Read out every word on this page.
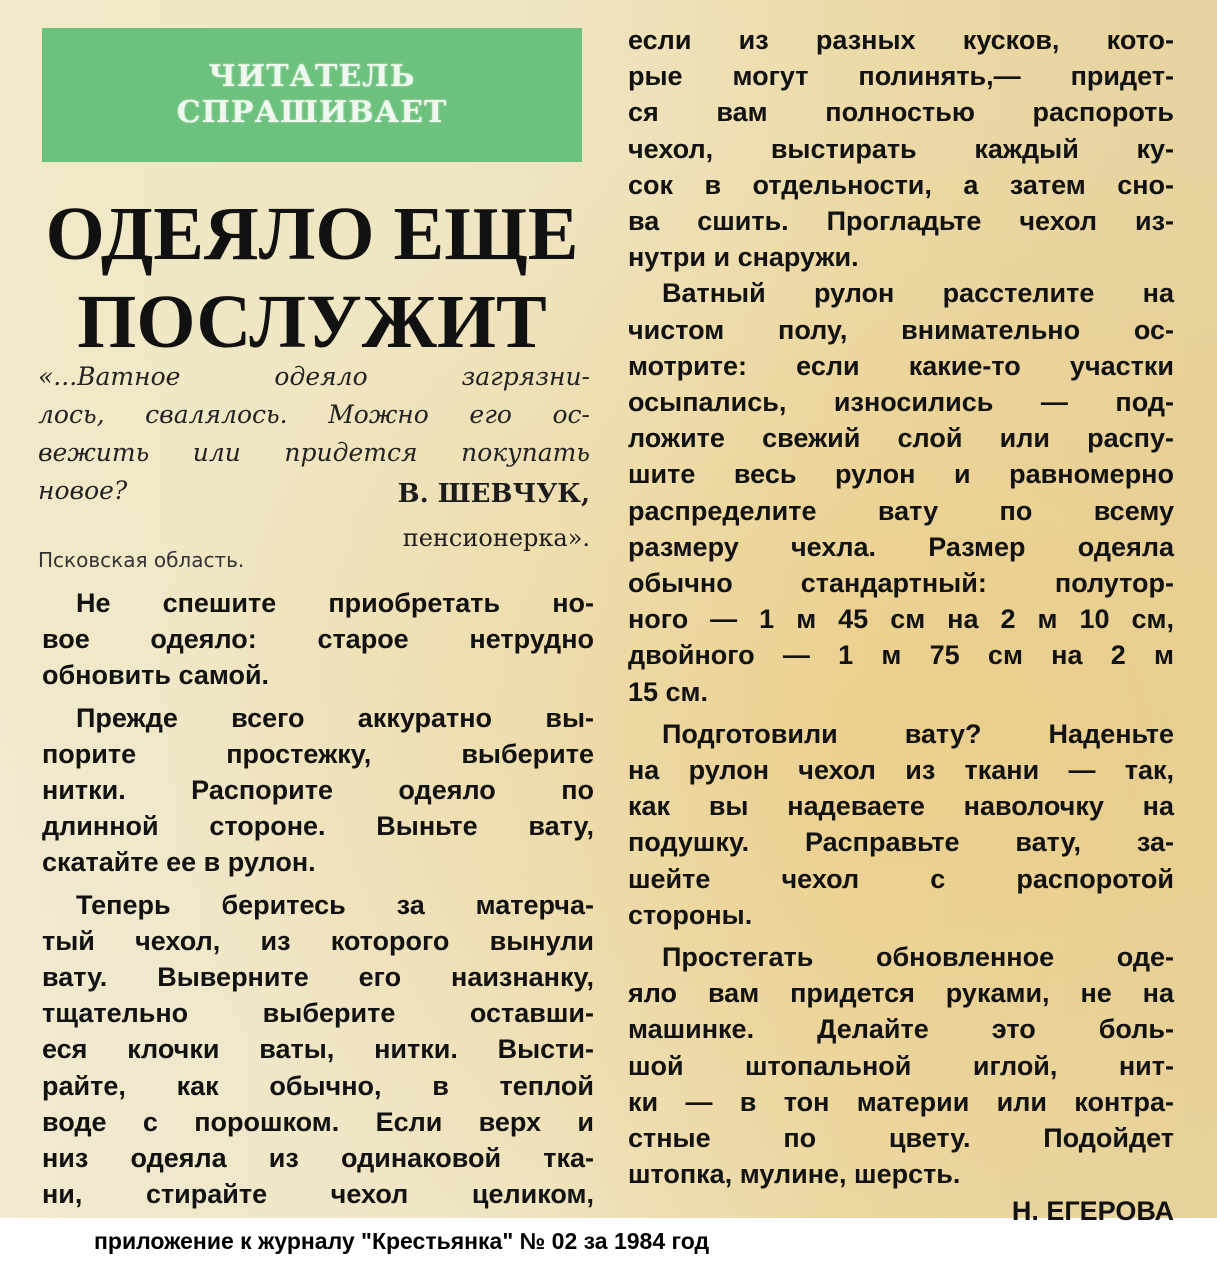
ЧИТАТЕЛЬ
СПРАШИВАЕТ
ОДЕЯЛО ЕЩЕ
ПОСЛУЖИТ
«...Ватное одеяло загрязни-
лось, свалялось. Можно его ос-
вежить или придется покупать
новое?	В. ШЕВЧУК,
пенсионерка».
Псковская область.
Не спешите приобретать но-
вое одеяло: старое нетрудно
обновить самой.
Прежде всего аккуратно вы-
порите простежку, выберите
нитки. Распорите одеяло по
длинной стороне. Выньте вату,
скатайте ее в рулон.
Теперь беритесь за матерча-
тый чехол, из которого вынули
вату. Выверните его наизнанку,
тщательно выберите оставши-
еся клочки ваты, нитки. Высти-
райте, как обычно, в теплой
воде с порошком. Если верх и
низ одеяла из одинаковой тка-
ни, стирайте чехол целиком,
если из разных кусков, кото-
рые могут полинять,— придет-
ся вам полностью распороть
чехол, выстирать каждый ку-
сок в отдельности, а затем сно-
ва сшить. Прогладьте чехол из-
нутри и снаружи.
Ватный рулон расстелите на
чистом полу, внимательно ос-
мотрите: если какие-то участки
осыпались, износились — под-
ложите свежий слой или распу-
шите весь рулон и равномерно
распределите вату по всему
размеру чехла. Размер одеяла
обычно стандартный: полутор-
ного — 1 м 45 см на 2 м 10 см,
двойного — 1 м 75 см на 2 м
15 см.
Подготовили вату? Наденьте
на рулон чехол из ткани — так,
как вы надеваете наволочку на
подушку. Расправьте вату, за-
шейте чехол с распоротой
стороны.
Простегать обновленное оде-
яло вам придется руками, не на
машинке. Делайте это боль-
шой штопальной иглой, нит-
ки — в тон материи или контра-
стные по цвету. Подойдет
штопка, мулине, шерсть.
Н. ЕГЕРОВА
приложение к журналу "Крестьянка" № 02 за 1984 год
